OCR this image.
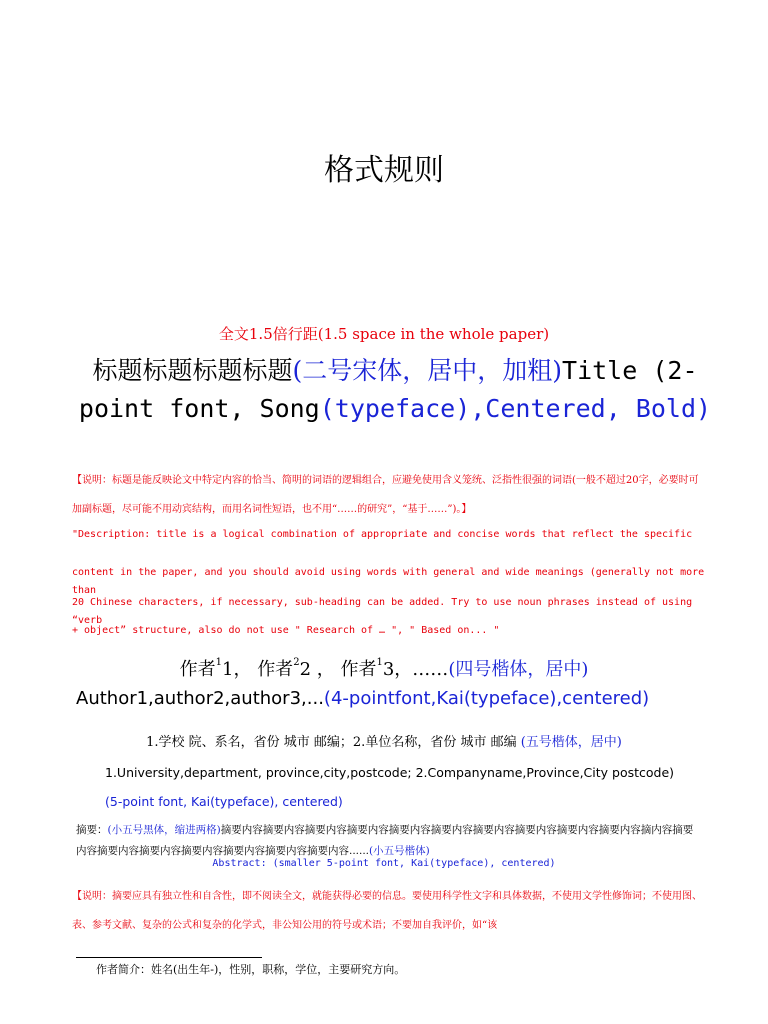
格式规则
全文1.5倍行距(1.5 space in the whole paper)
标题标题标题标题(二号宋体，居中，加粗)Title (2-point font, Song(typeface),Centered, Bold)
【说明：标题是能反映论文中特定内容的恰当、简明的词语的逻辑组合，应避免使用含义笼统、泛指性很强的词语(一般不超过20字，必要时可加副标题，尽可能不用动宾结构，而用名词性短语，也不用“……的研究”，“基于……”)。】
"Description: title is a logical combination of appropriate and concise words that reflect the specific
content in the paper, and you should avoid using words with general and wide meanings (generally not more than
20 Chinese characters, if necessary, sub-heading can be added. Try to use noun phrases instead of using “verb
+ object” structure, also do not use " Research of … ", " Based on... "
作者$^1$1， 作者$^2$2 ， 作者$^1$3，……(四号楷体，居中)
Author1,author2,author3,...(4-pointfont,Kai(typeface),centered)
1.学校 院、系名，省份 城市 邮编；2.单位名称，省份 城市 邮编 (五号楷体，居中)
1.University,department, province,city,postcode; 2.Companyname,Province,City postcode)
(5-point font, Kai(typeface), centered)
摘要：(小五号黑体，缩进两格)摘要内容摘要内容摘要内容摘要内容摘要内容摘要内容摘要内容摘要内容摘要内容摘要内容摘内容摘要内容摘要内容摘要内容摘要内容摘要内容摘要内容摘要内容......(小五号楷体)
Abstract: (smaller 5-point font, Kai(typeface), centered)
【说明：摘要应具有独立性和自含性，即不阅读全文，就能获得必要的信息。要使用科学性文字和具体数据，不使用文学性修饰词；不使用图、表、参考文献、复杂的公式和复杂的化学式，非公知公用的符号或术语；不要加自我评价，如“该
作者简介：姓名(出生年-)，性别，职称，学位，主要研究方向。
